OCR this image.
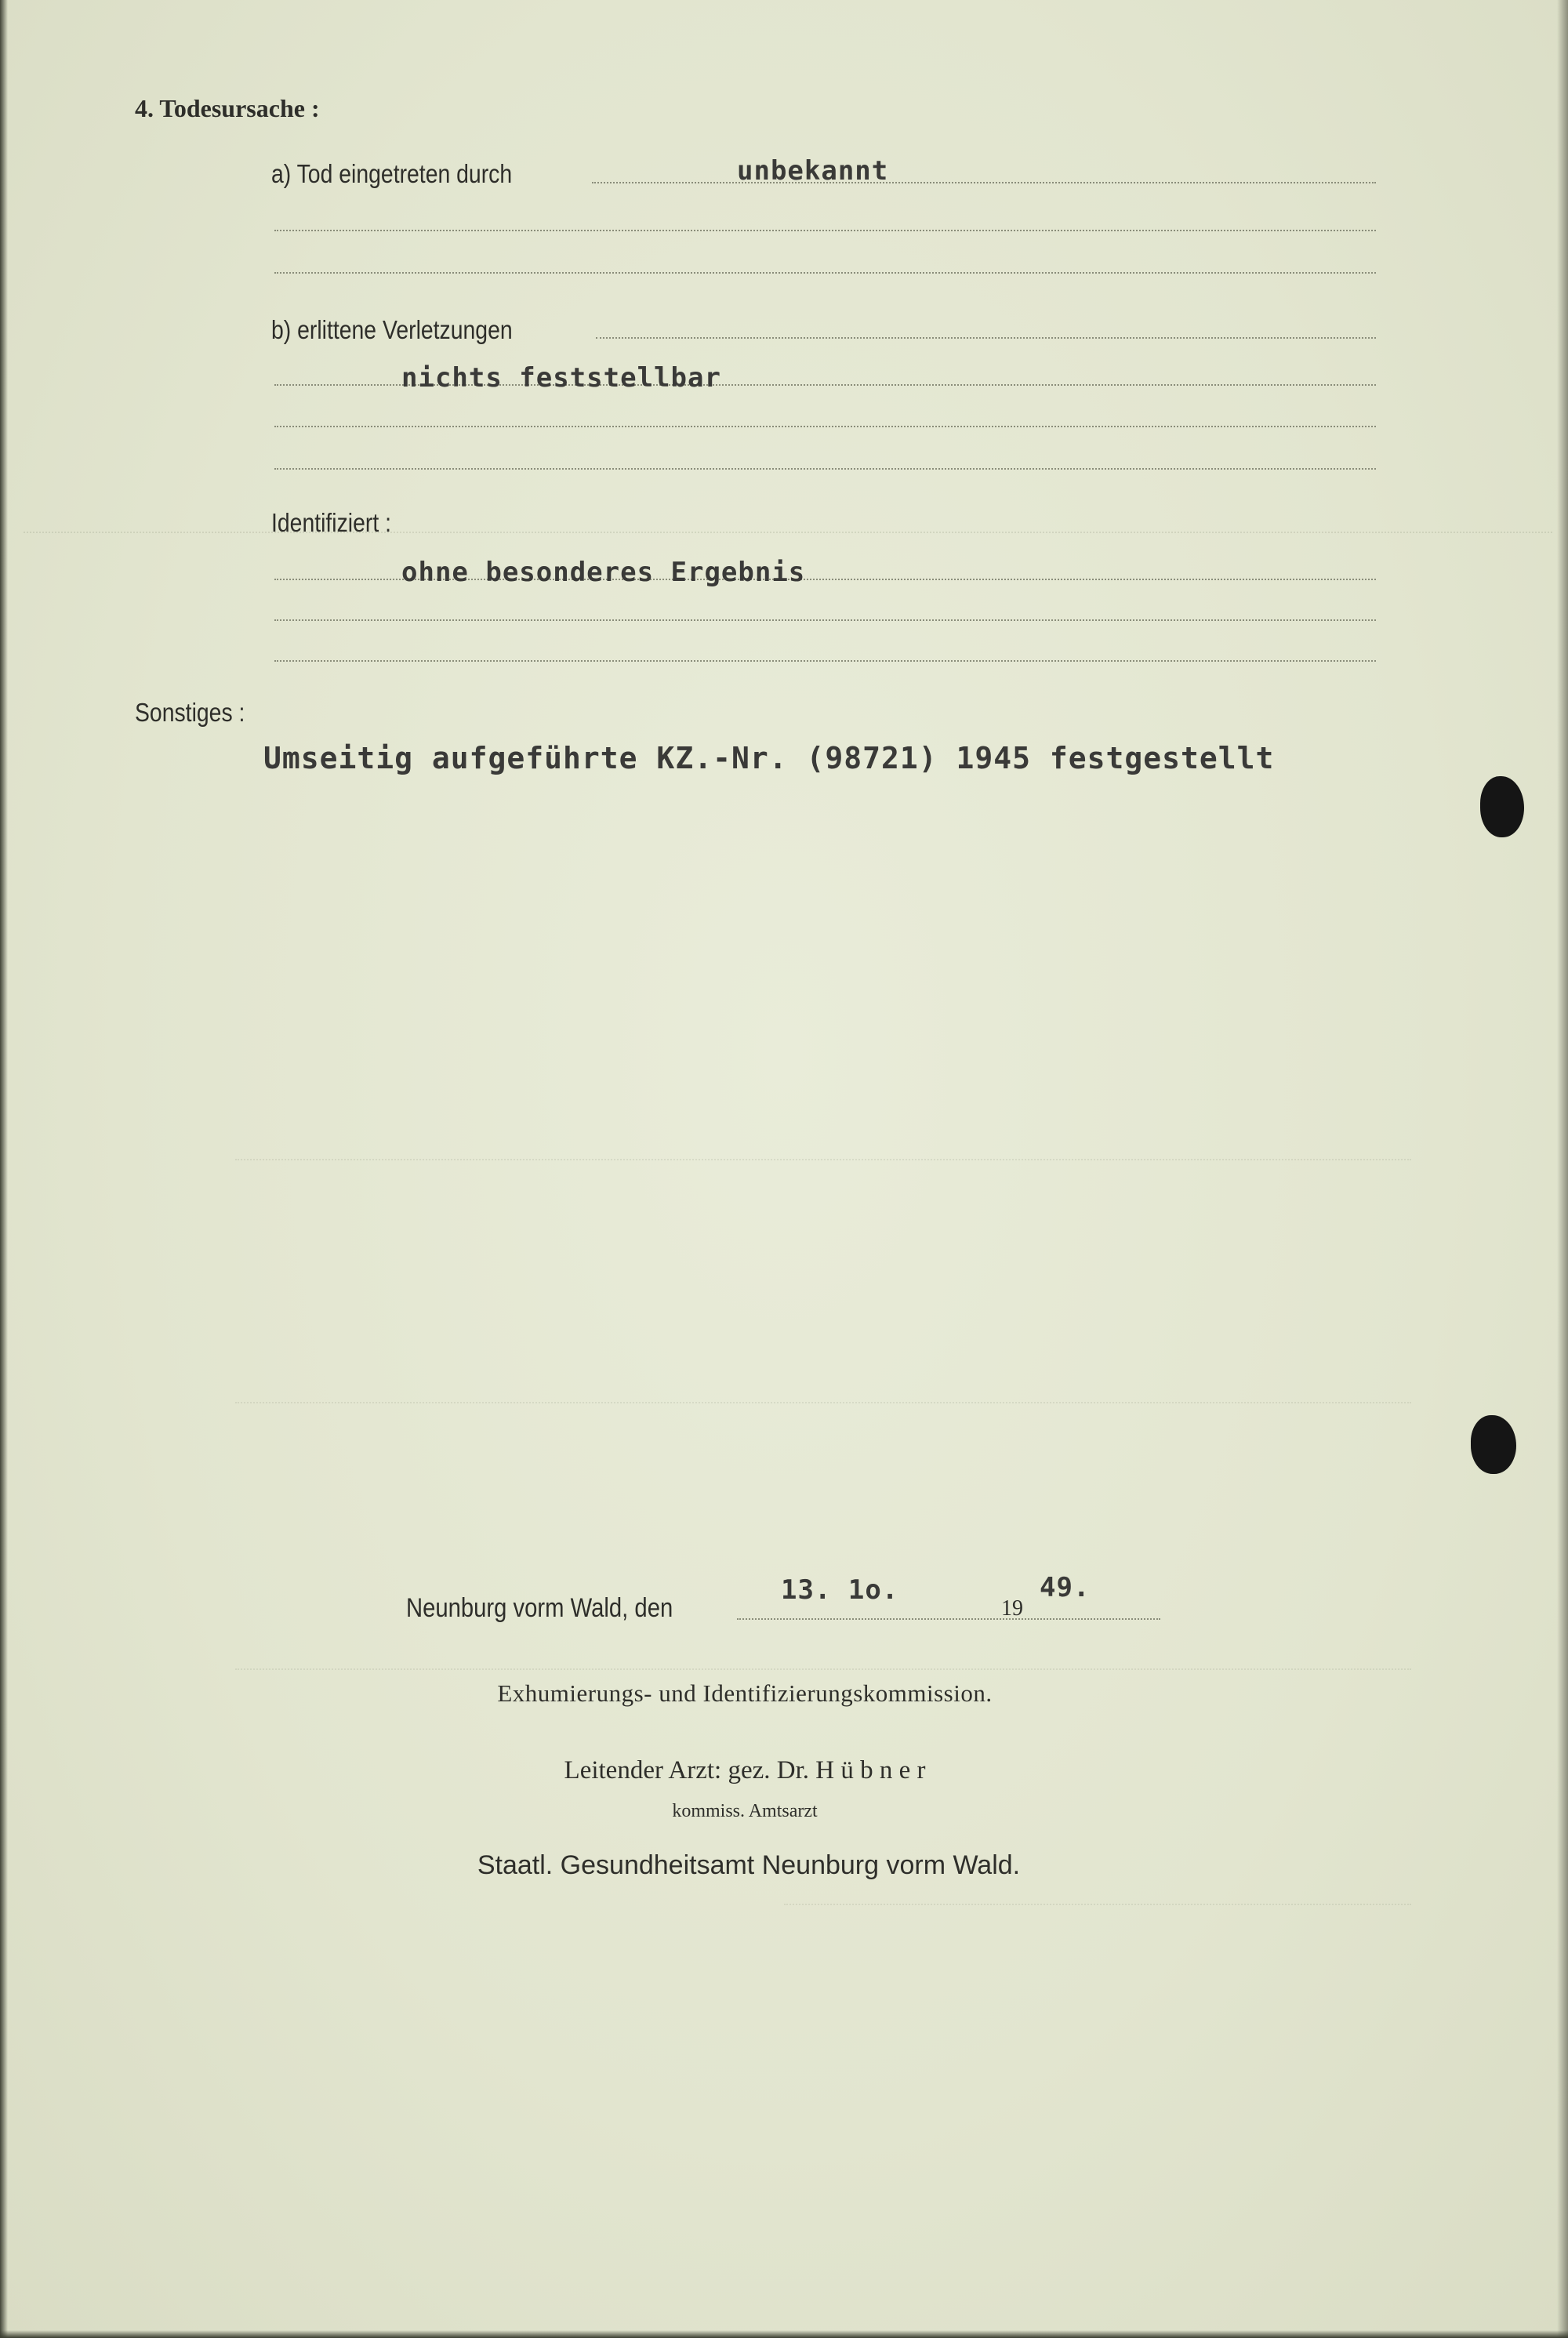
4. Todesursache :
a) Tod eingetreten durch	unbekannt
b) erlittene Verletzungen
nichts feststellbar
Identifiziert :
ohne besonderes Ergebnis
Sonstiges :
Umseitig aufgeführte KZ.-Nr. (98721) 1945 festgestellt
Neunburg vorm Wald, den
13. 1o.
19
49.
Exhumierungs- und Identifizierungskommission.
Leitender Arzt: gez. Dr. H ü b n e r
kommiss. Amtsarzt
Staatl. Gesundheitsamt Neunburg vorm Wald.
